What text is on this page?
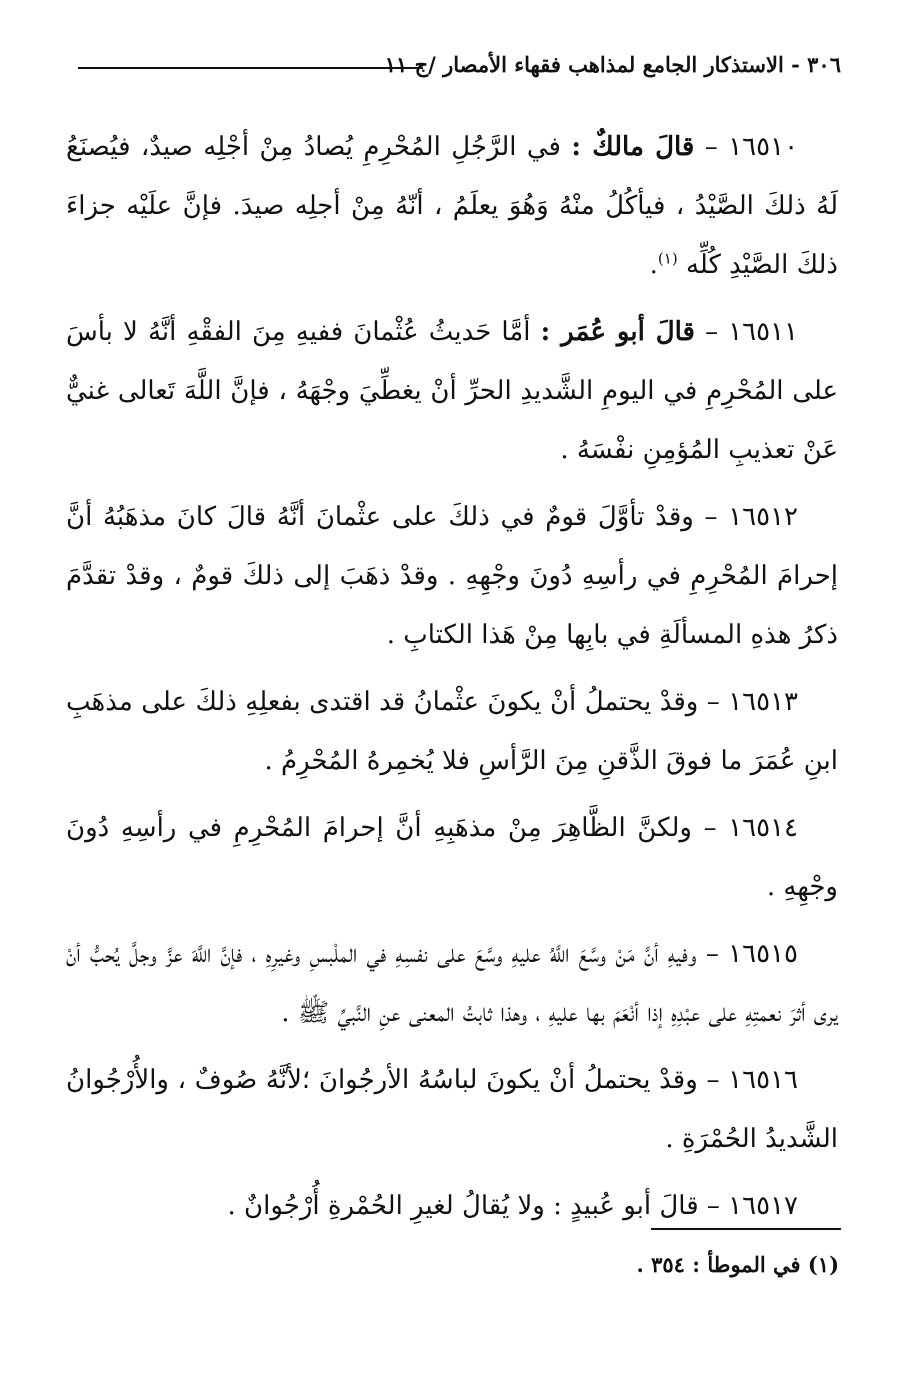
٣٠٦ - الاستذكار الجامع لمذاهب فقهاء الأمصار /ج ١١

١٦٥١٠ – قالَ مالكٌ : في الرَّجُلِ المُحْرِمِ يُصادُ مِنْ أجْلِه صيدٌ، فيُصنَعُ لَهُ ذلكَ الصَّيْدُ ، فيأكُلُ منْهُ وَهُوَ يعلَمُ ، أنّهُ مِنْ أجلِه صيدَ. فإنَّ علَيْه جزاءَ ذلكَ الصَّيْدِ كُلِّه $^{(١)}$.

١٦٥١١ – قالَ أبو عُمَر : أمَّا حَديثُ عُثْمانَ ففيهِ مِنَ الفقْهِ أنَّهُ لا بأسَ على المُحْرِمِ في اليومِ الشَّديدِ الحرِّ أنْ يغطِّيَ وجْهَهُ ، فإنَّ اللَّهَ تَعالى غنيٌّ عَنْ تعذيبِ المُؤمِنِ نفْسَهُ .

١٦٥١٢ – وقدْ تأوَّلَ قومٌ في ذلكَ على عثْمانَ أنَّهُ قالَ كانَ مذهَبُهُ أنَّ إحرامَ المُحْرِمِ في رأسِهِ دُونَ وجْهِهِ . وقدْ ذهَبَ إلى ذلكَ قومٌ ، وقدْ تقدَّمَ ذكرُ هذهِ المسألَةِ في بابِها مِنْ هَذا الكتابِ .

١٦٥١٣ – وقدْ يحتملُ أنْ يكونَ عثْمانُ قد اقتدى بفعلِهِ ذلكَ على مذهَبِ ابنِ عُمَرَ ما فوقَ الذَّقنِ مِنَ الرَّأسِ فلا يُخمِرهُ المُحْرِمُ .

١٦٥١٤ – ولكنَّ الظَّاهِرَ مِنْ مذهَبِهِ أنَّ إحرامَ المُحْرِمِ في رأسِهِ دُونَ وجْهِهِ .

١٦٥١٥ – وفيهِ أنَّ مَنْ وسَّعَ اللَّهُ عليهِ وسَّعَ على نفسِهِ في الملْبسِ وغيرِهِ ، فإنَّ اللَّهَ عزَّ وجلَّ يُحبُّ أنْ يرى أثرَ نعمتِهِ على عبْدِهِ إذا أنْعَمَ بها عليهِ ، وهذا ثابتُ المعنى عنِ النَّبيِّ ﷺ .

١٦٥١٦ – وقدْ يحتملُ أنْ يكونَ لباسُهُ الأرجُوانَ ؛لأنَّهُ صُوفٌ ، والأُرْجُوانُ الشَّديدُ الحُمْرَةِ .

١٦٥١٧ – قالَ أبو عُبيدٍ : ولا يُقالُ لغيرِ الحُمْرةِ أُرْجُوانٌ .

(١) في الموطأ : ٣٥٤ .
